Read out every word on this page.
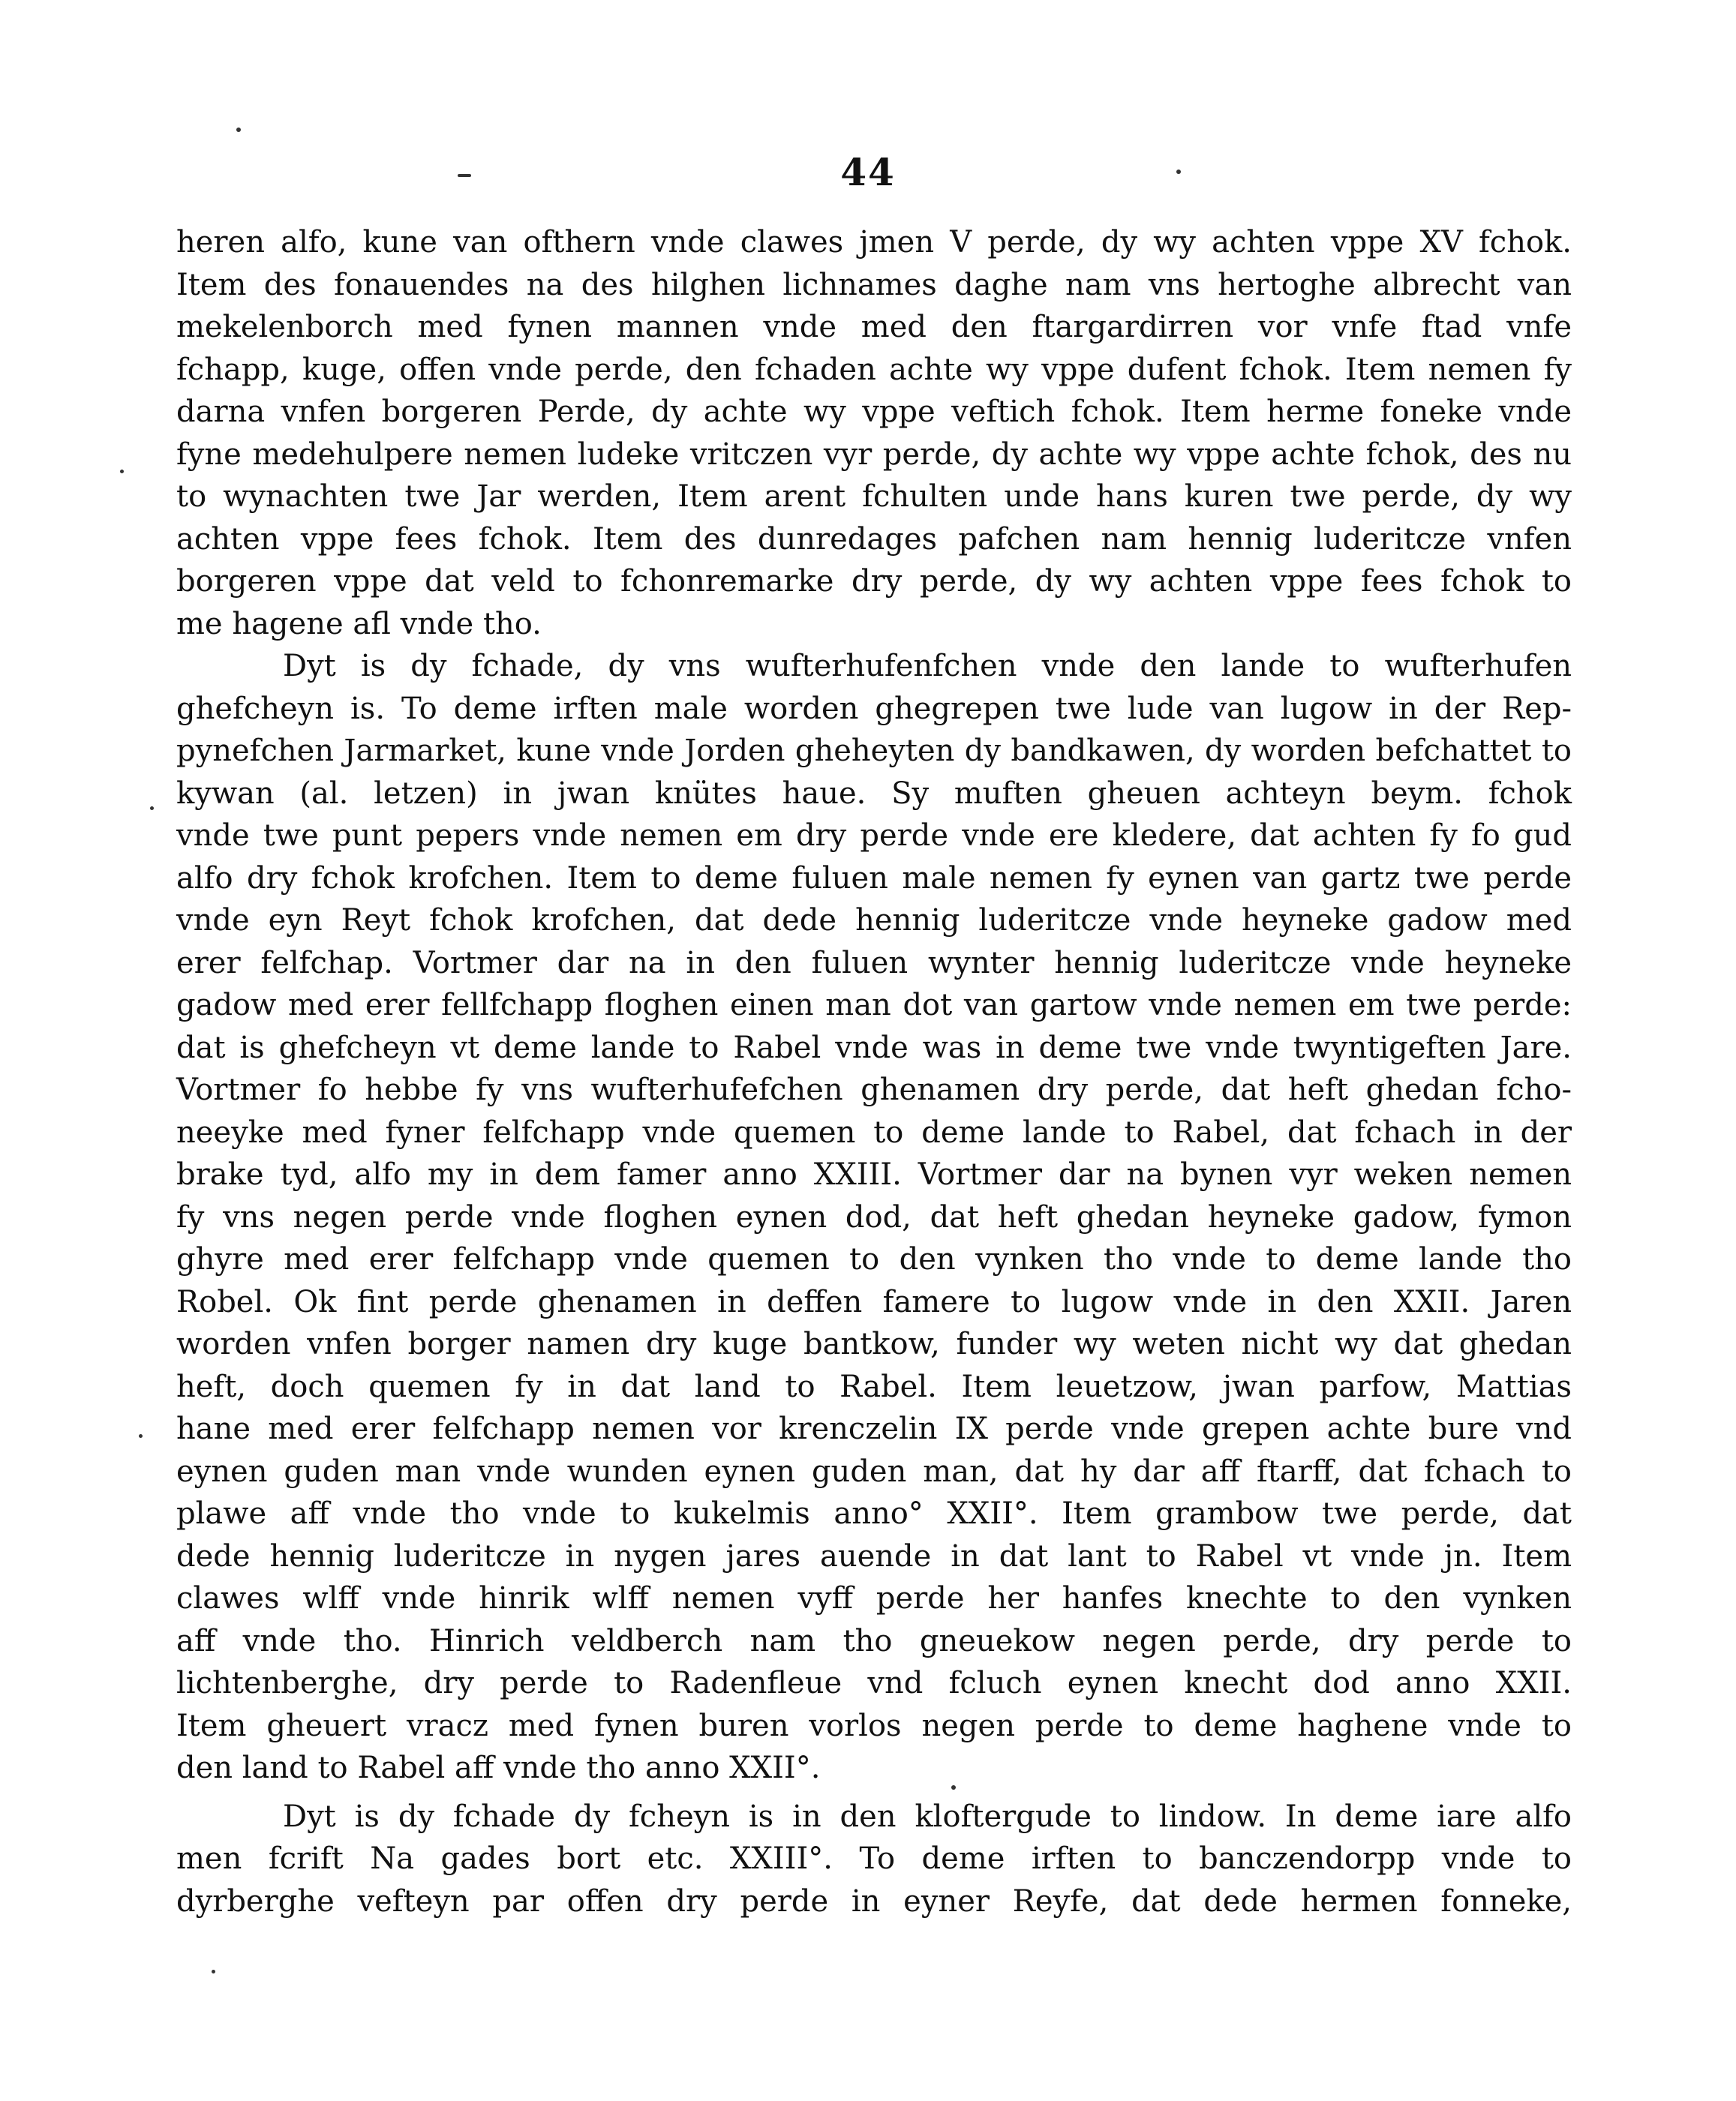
44
heren alfo, kune van ofthern vnde clawes jmen V perde, dy wy achten vppe XV fchok.
Item des fonauendes na des hilghen lichnames daghe nam vns hertoghe albrecht van
mekelenborch med fynen mannen vnde med den ftargardirren vor vnfe ftad vnfe
fchapp, kuge, offen vnde perde, den fchaden achte wy vppe dufent fchok. Item nemen fy
darna vnfen borgeren Perde, dy achte wy vppe veftich fchok. Item herme foneke vnde
fyne medehulpere nemen ludeke vritczen vyr perde, dy achte wy vppe achte fchok, des nu
to wynachten twe Jar werden, Item arent fchulten unde hans kuren twe perde, dy wy
achten vppe fees fchok. Item des dunredages pafchen nam hennig luderitcze vnfen
borgeren vppe dat veld to fchonremarke dry perde, dy wy achten vppe fees fchok to
me hagene afl vnde tho.
Dyt is dy fchade, dy vns wufterhufenfchen vnde den lande to wufterhufen
ghefcheyn is. To deme irften male worden ghegrepen twe lude van lugow in der Rep-
pynefchen Jarmarket, kune vnde Jorden gheheyten dy bandkawen, dy worden befchattet to
kywan (al. letzen) in jwan knütes haue. Sy muften gheuen achteyn beym. fchok
vnde twe punt pepers vnde nemen em dry perde vnde ere kledere, dat achten fy fo gud
alfo dry fchok krofchen. Item to deme fuluen male nemen fy eynen van gartz twe perde
vnde eyn Reyt fchok krofchen, dat dede hennig luderitcze vnde heyneke gadow med
erer felfchap. Vortmer dar na in den fuluen wynter hennig luderitcze vnde heyneke
gadow med erer fellfchapp floghen einen man dot van gartow vnde nemen em twe perde:
dat is ghefcheyn vt deme lande to Rabel vnde was in deme twe vnde twyntigeften Jare.
Vortmer fo hebbe fy vns wufterhufefchen ghenamen dry perde, dat heft ghedan fcho-
neeyke med fyner felfchapp vnde quemen to deme lande to Rabel, dat fchach in der
brake tyd, alfo my in dem famer anno XXIII. Vortmer dar na bynen vyr weken nemen
fy vns negen perde vnde floghen eynen dod, dat heft ghedan heyneke gadow, fymon
ghyre med erer felfchapp vnde quemen to den vynken tho vnde to deme lande tho
Robel. Ok fint perde ghenamen in deffen famere to lugow vnde in den XXII. Jaren
worden vnfen borger namen dry kuge bantkow, funder wy weten nicht wy dat ghedan
heft, doch quemen fy in dat land to Rabel. Item leuetzow, jwan parfow, Mattias
hane med erer felfchapp nemen vor krenczelin IX perde vnde grepen achte bure vnd
eynen guden man vnde wunden eynen guden man, dat hy dar aff ftarff, dat fchach to
plawe aff vnde tho vnde to kukelmis anno° XXII°. Item grambow twe perde, dat
dede hennig luderitcze in nygen jares auende in dat lant to Rabel vt vnde jn. Item
clawes wlff vnde hinrik wlff nemen vyff perde her hanfes knechte to den vynken
aff vnde tho. Hinrich veldberch nam tho gneuekow negen perde, dry perde to
lichtenberghe, dry perde to Radenfleue vnd fcluch eynen knecht dod anno XXII.
Item gheuert vracz med fynen buren vorlos negen perde to deme haghene vnde to
den land to Rabel aff vnde tho anno XXII°.
Dyt is dy fchade dy fcheyn is in den kloftergude to lindow. In deme iare alfo
men fcrift Na gades bort etc. XXIII°. To deme irften to banczendorpp vnde to
dyrberghe vefteyn par offen dry perde in eyner Reyfe, dat dede hermen fonneke,
